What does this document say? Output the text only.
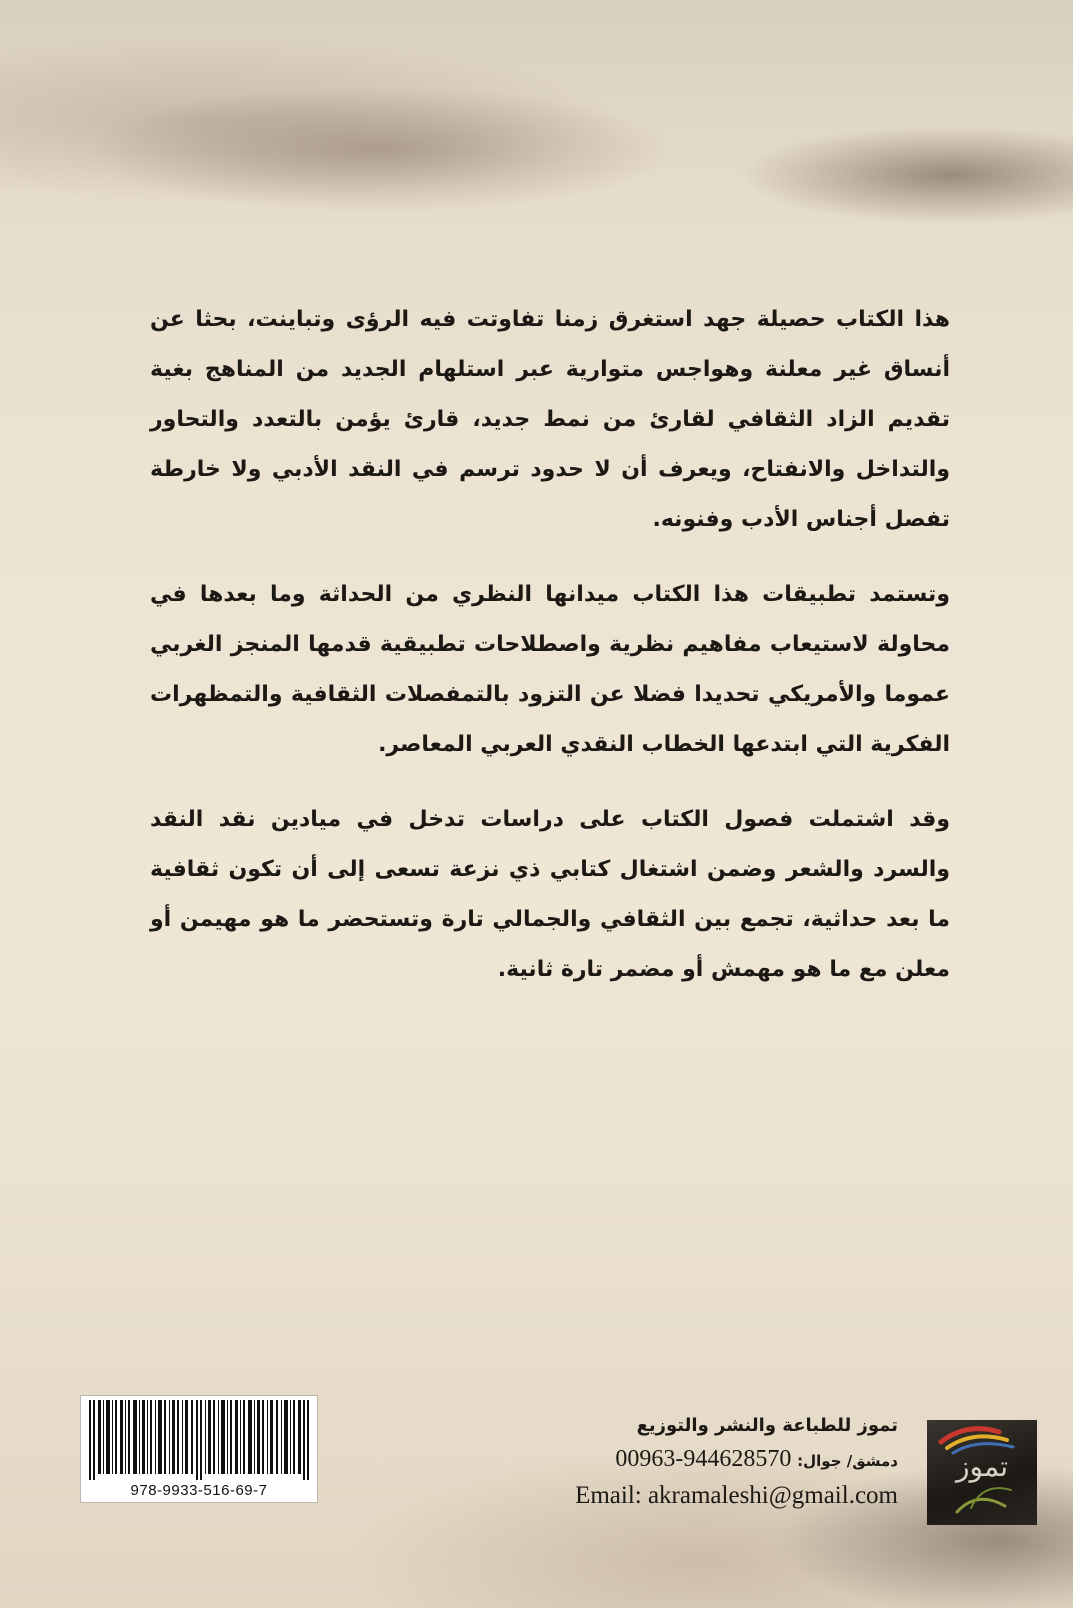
هذا الكتاب حصيلة جهد استغرق زمنا تفاوتت فيه الرؤى وتباينت، بحثا عن أنساق غير معلنة وهواجس متوارية عبر استلهام الجديد من المناهج بغية تقديم الزاد الثقافي لقارئ من نمط جديد، قارئ يؤمن بالتعدد والتحاور والتداخل والانفتاح، ويعرف أن لا حدود ترسم في النقد الأدبي ولا خارطة تفصل أجناس الأدب وفنونه.

وتستمد تطبيقات هذا الكتاب ميدانها النظري من الحداثة وما بعدها في محاولة لاستيعاب مفاهيم نظرية واصطلاحات تطبيقية قدمها المنجز الغربي عموما والأمريكي تحديدا فضلا عن التزود بالتمفصلات الثقافية والتمظهرات الفكرية التي ابتدعها الخطاب النقدي العربي المعاصر.

وقد اشتملت فصول الكتاب على دراسات تدخل في ميادين نقد النقد والسرد والشعر وضمن اشتغال كتابي ذي نزعة تسعى إلى أن تكون ثقافية ما بعد حداثية، تجمع بين الثقافي والجمالي تارة وتستحضر ما هو مهيمن أو معلن مع ما هو مهمش أو مضمر تارة ثانية.

978-9933-516-69-7
تموز للطباعة والنشر والتوزيع
دمشق/ جوال: 00963-944628570
Email: akramaleshi@gmail.com
تموز
